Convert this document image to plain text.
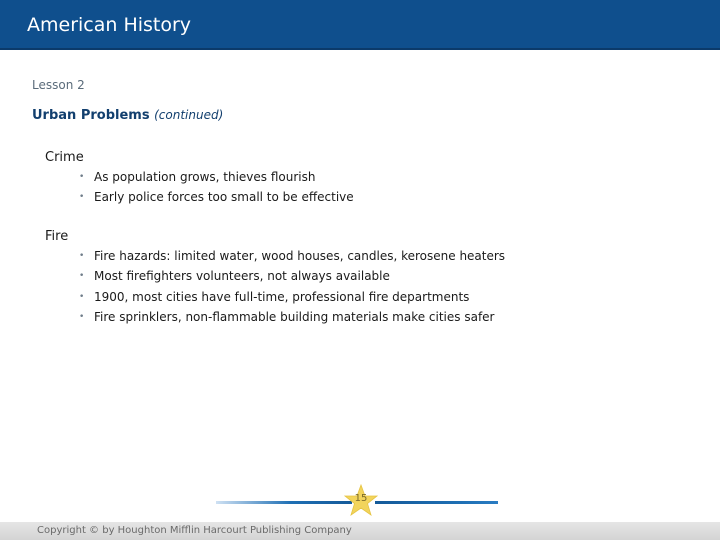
American History
Lesson 2
Urban Problems (continued)
Crime
• As population grows, thieves flourish
• Early police forces too small to be effective
Fire
• Fire hazards: limited water, wood houses, candles, kerosene heaters
• Most firefighters volunteers, not always available
• 1900, most cities have full-time, professional fire departments
• Fire sprinklers, non-flammable building materials make cities safer
15
Copyright © by Houghton Mifflin Harcourt Publishing Company
